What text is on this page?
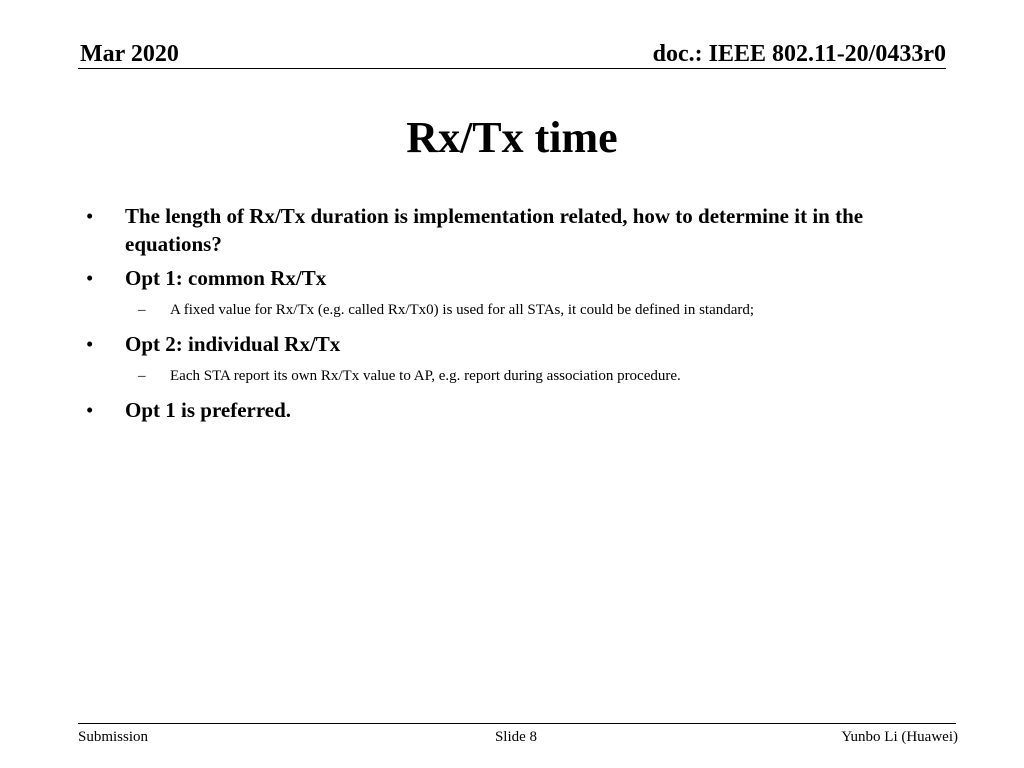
Mar 2020	doc.: IEEE 802.11-20/0433r0
Rx/Tx time
• The length of Rx/Tx duration is implementation related, how to determine it in the equations?
• Opt 1: common Rx/Tx
– A fixed value for Rx/Tx (e.g. called Rx/Tx0) is used for all STAs, it could be defined in standard;
• Opt 2: individual Rx/Tx
– Each STA report its own Rx/Tx value to AP, e.g. report during association procedure.
• Opt 1 is preferred.
Submission	Slide 8	Yunbo Li (Huawei)
